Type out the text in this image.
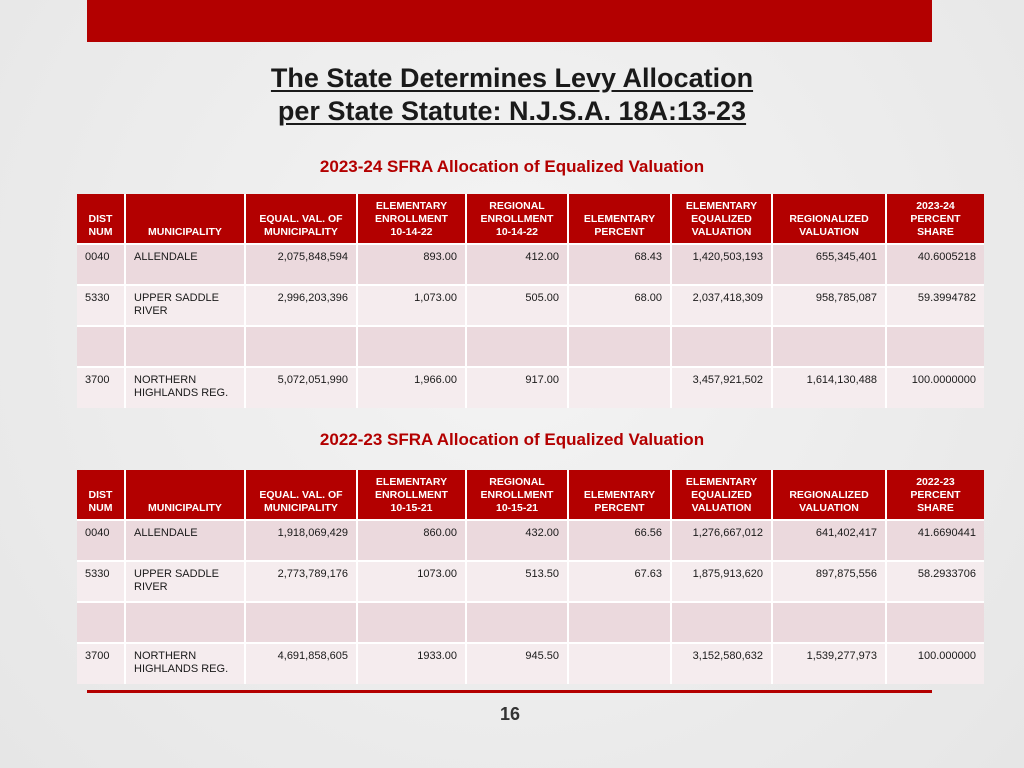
The State Determines Levy Allocation
per State Statute: N.J.S.A. 18A:13-23
2023-24 SFRA Allocation of Equalized Valuation
DIST
NUM	MUNICIPALITY	EQUAL. VAL. OF
MUNICIPALITY	ELEMENTARY
ENROLLMENT
10-14-22	REGIONAL
ENROLLMENT
10-14-22	ELEMENTARY
PERCENT	ELEMENTARY
EQUALIZED
VALUATION	REGIONALIZED
VALUATION	2023-24
PERCENT
SHARE
0040	ALLENDALE	2,075,848,594	893.00	412.00	68.43	1,420,503,193	655,345,401	40.6005218
5330	UPPER SADDLE RIVER	2,996,203,396	1,073.00	505.00	68.00	2,037,418,309	958,785,087	59.3994782

3700	NORTHERN HIGHLANDS REG.	5,072,051,990	1,966.00	917.00		3,457,921,502	1,614,130,488	100.0000000
2022-23 SFRA Allocation of Equalized Valuation
DIST
NUM	MUNICIPALITY	EQUAL. VAL. OF
MUNICIPALITY	ELEMENTARY
ENROLLMENT
10-15-21	REGIONAL
ENROLLMENT
10-15-21	ELEMENTARY
PERCENT	ELEMENTARY
EQUALIZED
VALUATION	REGIONALIZED
VALUATION	2022-23
PERCENT
SHARE
0040	ALLENDALE	1,918,069,429	860.00	432.00	66.56	1,276,667,012	641,402,417	41.6690441
5330	UPPER SADDLE RIVER	2,773,789,176	1073.00	513.50	67.63	1,875,913,620	897,875,556	58.2933706

3700	NORTHERN HIGHLANDS REG.	4,691,858,605	1933.00	945.50		3,152,580,632	1,539,277,973	100.000000
16
